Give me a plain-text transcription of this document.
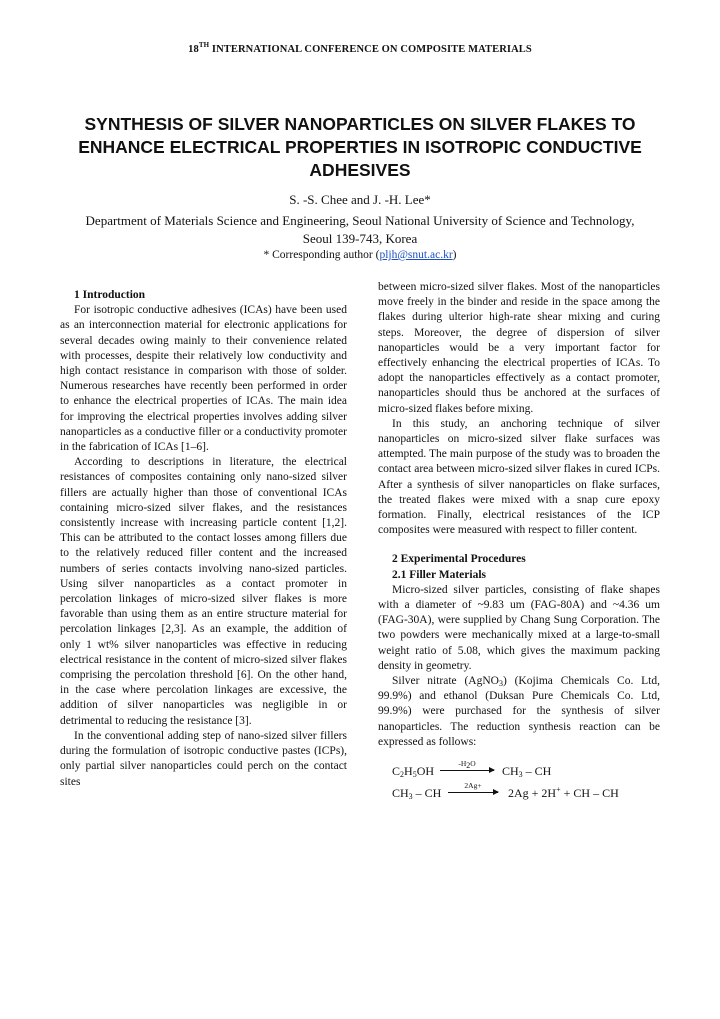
18TH INTERNATIONAL CONFERENCE ON COMPOSITE MATERIALS
SYNTHESIS OF SILVER NANOPARTICLES ON SILVER FLAKES TO ENHANCE ELECTRICAL PROPERTIES IN ISOTROPIC CONDUCTIVE ADHESIVES
S. -S. Chee and J. -H. Lee*
Department of Materials Science and Engineering, Seoul National University of Science and Technology, Seoul 139-743, Korea
* Corresponding author (pljh@snut.ac.kr)

1 Introduction

For isotropic conductive adhesives (ICAs) have been used as an interconnection material for electronic applications for several decades owing mainly to their convenience related with processes, despite their relatively low conductivity and high contact resistance in comparison with those of solder. Numerous researches have recently been performed in order to enhance the electrical properties of ICAs. The main idea for improving the electrical properties involves adding silver nanoparticles as a conductive filler or a conductivity promoter in the fabrication of ICAs [1–6].

According to descriptions in literature, the electrical resistances of composites containing only nano-sized silver fillers are actually higher than those of conventional ICAs containing micro-sized silver flakes, and the resistances consistently increase with increasing particle content [1,2]. This can be attributed to the contact losses among fillers due to the relatively reduced filler content and the increased numbers of series contacts involving nano-sized particles. Using silver nanoparticles as a contact promoter in percolation linkages of micro-sized silver flakes is more favorable than using them as an entire structure material for percolation linkages [2,3]. As an example, the addition of only 1 wt% silver nanoparticles was effective in reducing electrical resistance in the content of micro-sized silver flakes comprising the percolation threshold [6]. On the other hand, in the case where percolation linkages are excessive, the addition of silver nanoparticles was negligible in or detrimental to reducing the resistance [3].

In the conventional adding step of nano-sized silver fillers during the formulation of isotropic conductive pastes (ICPs), only partial silver nanoparticles could perch on the contact sites

between micro-sized silver flakes. Most of the nanoparticles move freely in the binder and reside in the space among the flakes during ulterior high-rate shear mixing and curing steps. Moreover, the degree of dispersion of silver nanoparticles would be a very important factor for effectively enhancing the electrical properties of ICAs. To adopt the nanoparticles effectively as a contact promoter, nanoparticles should thus be anchored at the surfaces of micro-sized flakes before mixing.

In this study, an anchoring technique of silver nanoparticles on micro-sized silver flake surfaces was attempted. The main purpose of the study was to broaden the contact area between micro-sized silver flakes in cured ICPs. After a synthesis of silver nanoparticles on flake surfaces, the treated flakes were mixed with a snap cure epoxy formation. Finally, electrical resistances of the ICP composites were measured with respect to filler content.

2 Experimental Procedures

2.1 Filler Materials

Micro-sized silver particles, consisting of flake shapes with a diameter of ~9.83 um (FAG-80A) and ~4.36 um (FAG-30A), were supplied by Chang Sung Corporation. The two powders were mechanically mixed at a large-to-small weight ratio of 5.08, which gives the maximum packing density in geometry.

Silver nitrate (AgNO$_3$) (Kojima Chemicals Co. Ltd, 99.9%) and ethanol (Duksan Pure Chemicals Co. Ltd, 99.9%) were purchased for the synthesis of silver nanoparticles. The reduction synthesis reaction can be expressed as follows:

$C_2H_5OH$
$-H_2O$
$CH_3$ – CH
$CH_3$ – CH
2Ag+
2Ag + 2H+ + CH – CH
